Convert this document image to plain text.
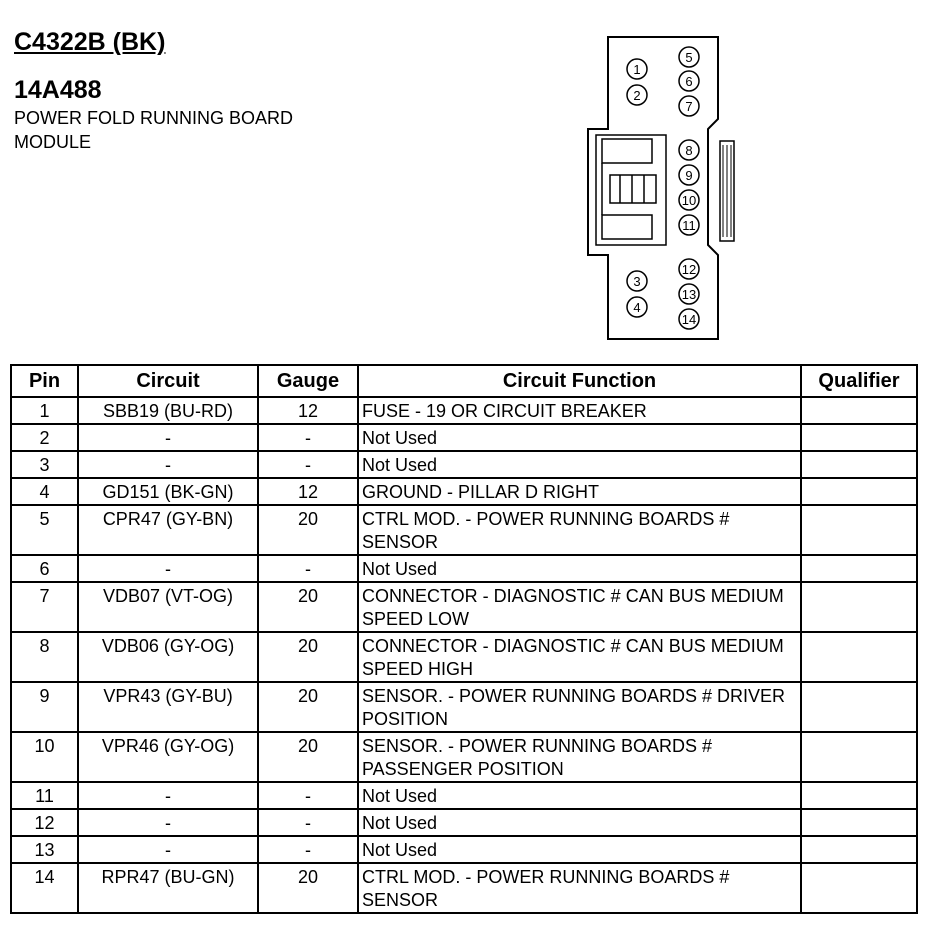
C4322B (BK)
14A488
POWER FOLD RUNNING BOARD MODULE
1
2
3
4
5
6
7
8
9
10
11
12
13
14
Pin	Circuit	Gauge	Circuit Function	Qualifier
1	SBB19 (BU-RD)	12	FUSE - 19 OR CIRCUIT BREAKER	
2	-	-	Not Used	
3	-	-	Not Used	
4	GD151 (BK-GN)	12	GROUND - PILLAR D RIGHT	
5	CPR47 (GY-BN)	20	CTRL MOD. - POWER RUNNING BOARDS # SENSOR	
6	-	-	Not Used	
7	VDB07 (VT-OG)	20	CONNECTOR - DIAGNOSTIC # CAN BUS MEDIUM SPEED LOW	
8	VDB06 (GY-OG)	20	CONNECTOR - DIAGNOSTIC # CAN BUS MEDIUM SPEED HIGH	
9	VPR43 (GY-BU)	20	SENSOR. - POWER RUNNING BOARDS # DRIVER POSITION	
10	VPR46 (GY-OG)	20	SENSOR. - POWER RUNNING BOARDS # PASSENGER POSITION	
11	-	-	Not Used	
12	-	-	Not Used	
13	-	-	Not Used	
14	RPR47 (BU-GN)	20	CTRL MOD. - POWER RUNNING BOARDS # SENSOR	
